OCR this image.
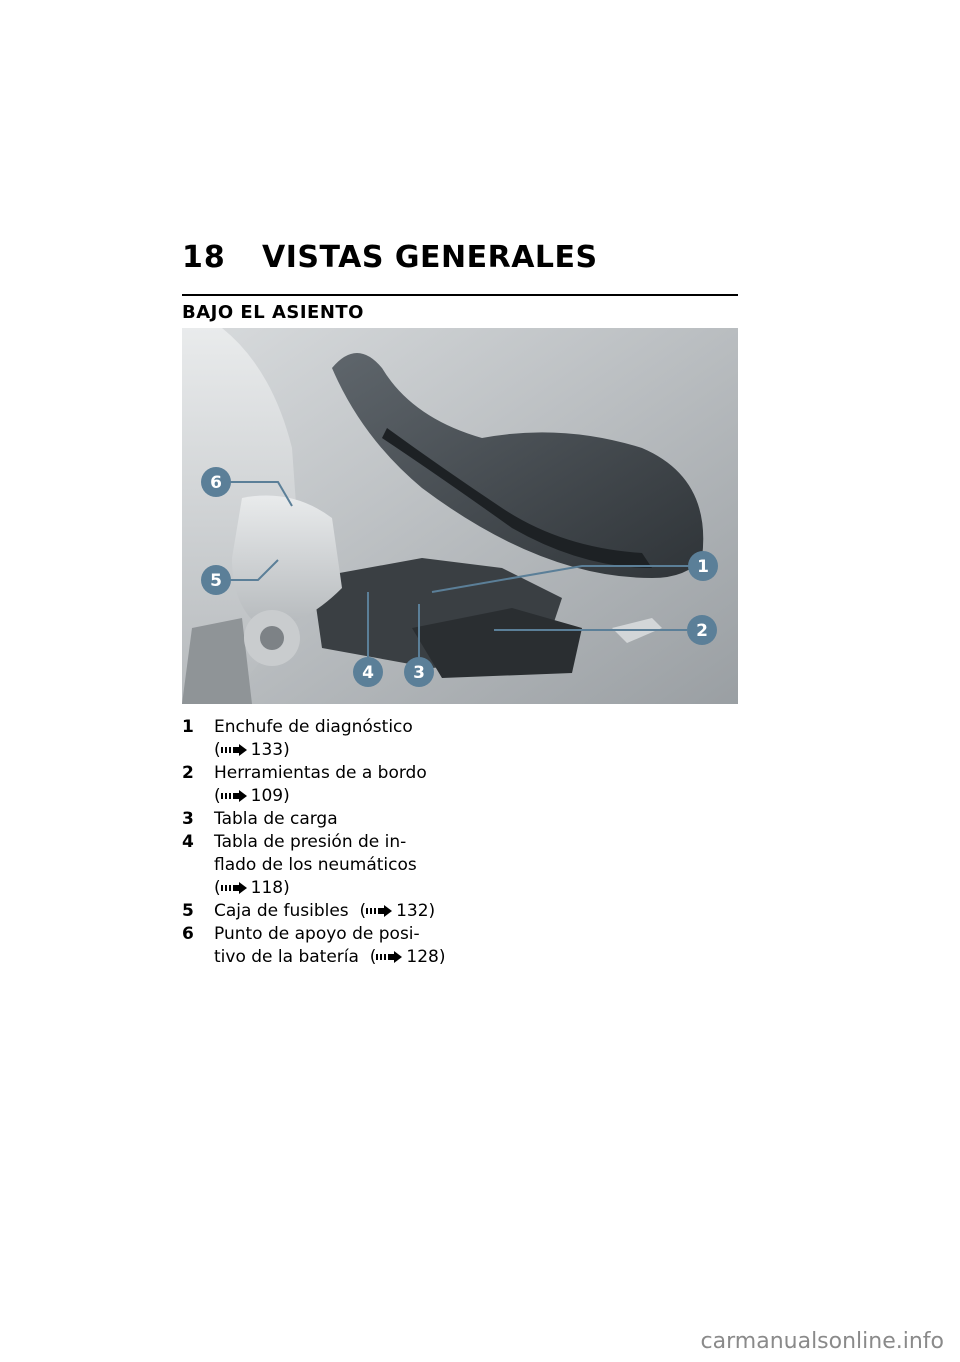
18 VISTAS GENERALES
BAJO EL ASIENTO
6
5
1
2
3
4
1 Enchufe de diagnóstico
( 133)
2 Herramientas de a bordo
( 109)
3 Tabla de carga
4 Tabla de presión de in-
flado de los neumáticos
( 118)
5 Caja de fusibles ( 132)
6 Punto de apoyo de posi-
tivo de la batería ( 128)
carmanualsonline.info
